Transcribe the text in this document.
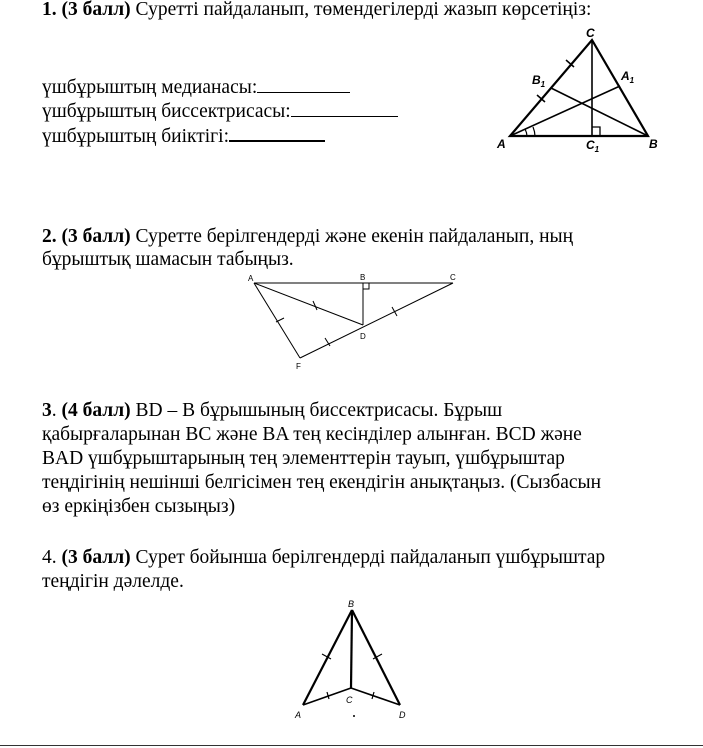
1. (3 балл) Суретті пайдаланып, төмендегілерді жазып көрсетіңіз:
үшбұрыштың медианасы:
үшбұрыштың биссектрисасы:
үшбұрыштың биіктігі:
C
$B_1$
$A_1$
A	$C_1$	B
2. (3 балл) Суретте берілгендерді және екенін пайдаланып, ның
бұрыштық шамасын табыңыз.
A	B	C
D
F
3. (4 балл) BD – B бұрышының биссектрисасы. Бұрыш
қабырғаларынан BC және BA тең кесінділер алынған. BCD және
BAD үшбұрыштарының тең элементтерін тауып, үшбұрыштар
теңдігінің нешінші белгісімен тең екендігін анықтаңыз. (Сызбасын
өз еркіңізбен сызыңыз)
4. (3 балл) Сурет бойынша берілгендерді пайдаланып үшбұрыштар
теңдігін дәлелде.
B
C
A	D
